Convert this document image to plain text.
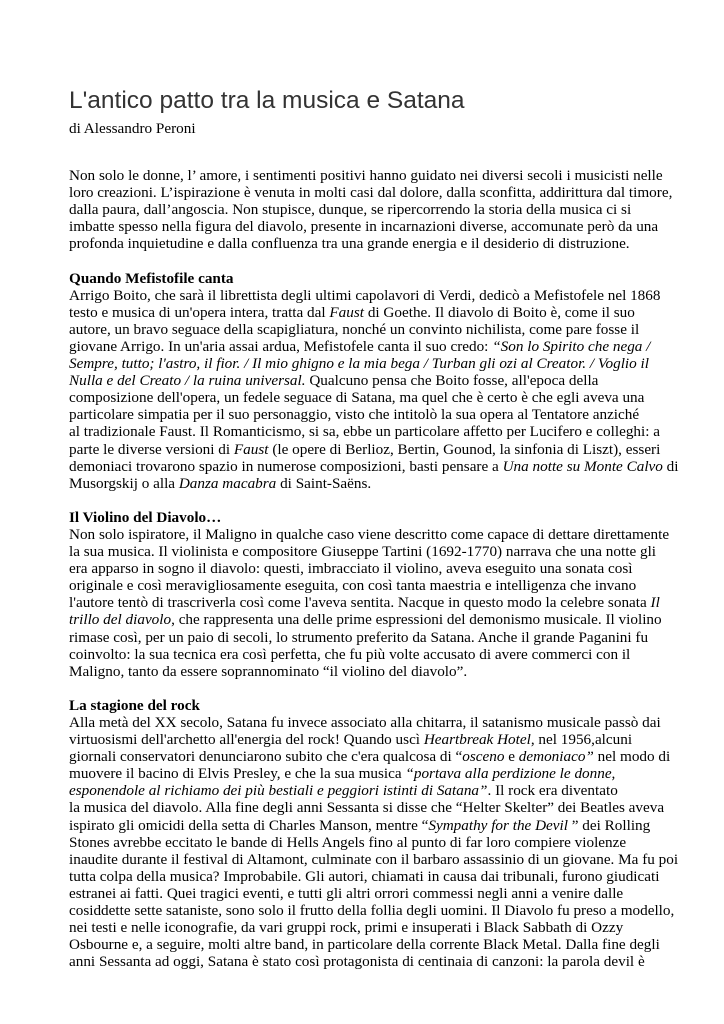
L'antico patto tra la musica e Satana

di Alessandro Peroni

Non solo le donne, l’ amore, i sentimenti positivi hanno guidato nei diversi secoli i musicisti nelle
loro creazioni. L’ispirazione è venuta in molti casi dal dolore, dalla sconfitta, addirittura dal timore,
dalla paura, dall’angoscia. Non stupisce, dunque, se ripercorrendo la storia della musica ci si
imbatte spesso nella figura del diavolo, presente in incarnazioni diverse, accomunate però da una
profonda inquietudine e dalla confluenza tra una grande energia e il desiderio di distruzione.

Quando Mefistofile canta

Arrigo Boito, che sarà il librettista degli ultimi capolavori di Verdi, dedicò a Mefistofele nel 1868
testo e musica di un'opera intera, tratta dal Faust di Goethe. Il diavolo di Boito è, come il suo
autore, un bravo seguace della scapigliatura, nonché un convinto nichilista, come pare fosse il
giovane Arrigo. In un'aria assai ardua, Mefistofele canta il suo credo: “Son lo Spirito che nega /
Sempre, tutto; l'astro, il fior. / Il mio ghigno e la mia bega / Turban gli ozi al Creator. / Voglio il
Nulla e del Creato / la ruina universal. Qualcuno pensa che Boito fosse, all'epoca della
composizione dell'opera, un fedele seguace di Satana, ma quel che è certo è che egli aveva una
particolare simpatia per il suo personaggio, visto che intitolò la sua opera al Tentatore anziché
al tradizionale Faust. Il Romanticismo, si sa, ebbe un particolare affetto per Lucifero e colleghi: a
parte le diverse versioni di Faust (le opere di Berlioz, Bertin, Gounod, la sinfonia di Liszt), esseri
demoniaci trovarono spazio in numerose composizioni, basti pensare a Una notte su Monte Calvo di
Musorgskij o alla Danza macabra di Saint-Saëns.

Il Violino del Diavolo…

Non solo ispiratore, il Maligno in qualche caso viene descritto come capace di dettare direttamente
la sua musica. Il violinista e compositore Giuseppe Tartini (1692-1770) narrava che una notte gli
era apparso in sogno il diavolo: questi, imbracciato il violino, aveva eseguito una sonata così
originale e così meravigliosamente eseguita, con così tanta maestria e intelligenza che invano
l'autore tentò di trascriverla così come l'aveva sentita. Nacque in questo modo la celebre sonata Il
trillo del diavolo, che rappresenta una delle prime espressioni del demonismo musicale. Il violino
rimase così, per un paio di secoli, lo strumento preferito da Satana. Anche il grande Paganini fu
coinvolto: la sua tecnica era così perfetta, che fu più volte accusato di avere commerci con il
Maligno, tanto da essere soprannominato “il violino del diavolo”.

La stagione del rock

Alla metà del XX secolo, Satana fu invece associato alla chitarra, il satanismo musicale passò dai
virtuosismi dell'archetto all'energia del rock! Quando uscì Heartbreak Hotel, nel 1956,alcuni
giornali conservatori denunciarono subito che c'era qualcosa di “osceno e demoniaco” nel modo di
muovere il bacino di Elvis Presley, e che la sua musica “portava alla perdizione le donne,
esponendole al richiamo dei più bestiali e peggiori istinti di Satana”. Il rock era diventato
la musica del diavolo. Alla fine degli anni Sessanta si disse che “Helter Skelter” dei Beatles aveva
ispirato gli omicidi della setta di Charles Manson, mentre “Sympathy for the Devil ” dei Rolling
Stones avrebbe eccitato le bande di Hells Angels fino al punto di far loro compiere violenze
inaudite durante il festival di Altamont, culminate con il barbaro assassinio di un giovane. Ma fu poi
tutta colpa della musica? Improbabile. Gli autori, chiamati in causa dai tribunali, furono giudicati
estranei ai fatti. Quei tragici eventi, e tutti gli altri orrori commessi negli anni a venire dalle
cosiddette sette sataniste, sono solo il frutto della follia degli uomini. Il Diavolo fu preso a modello,
nei testi e nelle iconografie, da vari gruppi rock, primi e insuperati i Black Sabbath di Ozzy
Osbourne e, a seguire, molti altre band, in particolare della corrente Black Metal. Dalla fine degli
anni Sessanta ad oggi, Satana è stato così protagonista di centinaia di canzoni: la parola devil è
